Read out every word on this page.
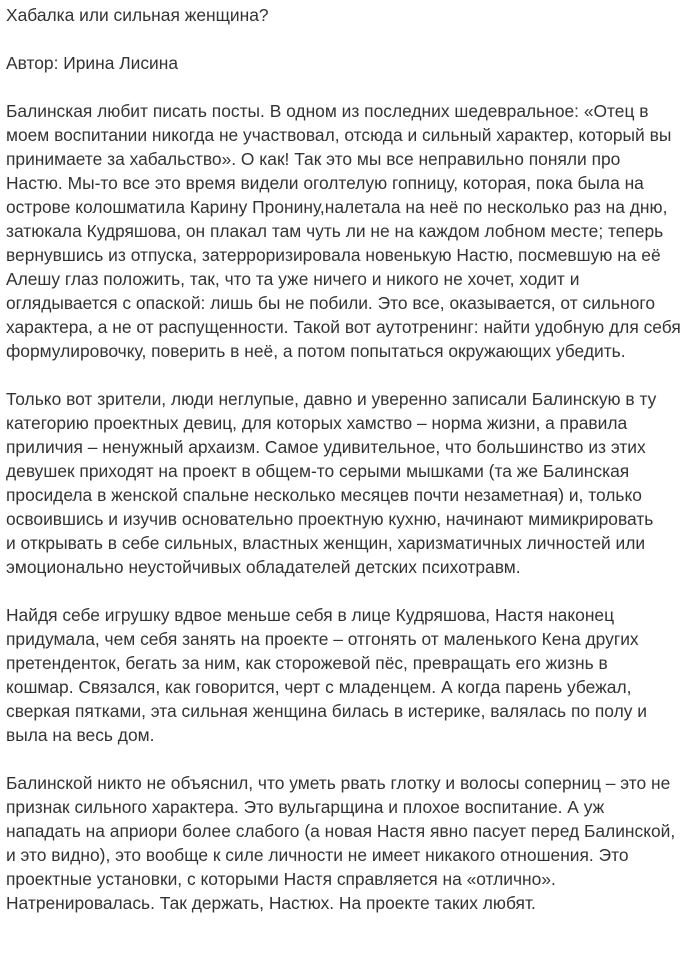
Хабалка или сильная женщина?

Автор: Ирина Лисина

Балинская любит писать посты. В одном из последних шедевральное: «Отец в

моем воспитании никогда не участвовал, отсюда и сильный характер, который вы

принимаете за хабальство». О как! Так это мы все неправильно поняли про

Настю. Мы-то все это время видели оголтелую гопницу, которая, пока была на

острове колошматила Карину Пронину,налетала на неё по несколько раз на дню,

затюкала Кудряшова, он плакал там чуть ли не на каждом лобном месте; теперь

вернувшись из отпуска, затерроризировала новенькую Настю, посмевшую на её

Алешу глаз положить, так, что та уже ничего и никого не хочет, ходит и

оглядывается с опаской: лишь бы не побили. Это все, оказывается, от сильного

характера, а не от распущенности. Такой вот аутотренинг: найти удобную для себя

формулировочку, поверить в неё, а потом попытаться окружающих убедить.

Только вот зрители, люди неглупые, давно и уверенно записали Балинскую в ту

категорию проектных девиц, для которых хамство – норма жизни, а правила

приличия – ненужный архаизм. Самое удивительное, что большинство из этих

девушек приходят на проект в общем-то серыми мышками (та же Балинская

просидела в женской спальне несколько месяцев почти незаметная) и, только

освоившись и изучив основательно проектную кухню, начинают мимикрировать

и открывать в себе сильных, властных женщин, харизматичных личностей или

эмоционально неустойчивых обладателей детских психотравм.

Найдя себе игрушку вдвое меньше себя в лице Кудряшова, Настя наконец

придумала, чем себя занять на проекте – отгонять от маленького Кена других

претенденток, бегать за ним, как сторожевой пёс, превращать его жизнь в

кошмар. Связался, как говорится, черт с младенцем. А когда парень убежал,

сверкая пятками, эта сильная женщина билась в истерике, валялась по полу и

выла на весь дом.

Балинской никто не объяснил, что уметь рвать глотку и волосы соперниц – это не

признак сильного характера. Это вульгарщина и плохое воспитание. А уж

нападать на априори более слабого (а новая Настя явно пасует перед Балинской,

и это видно), это вообще к силе личности не имеет никакого отношения. Это

проектные установки, с которыми Настя справляется на «отлично».

Натренировалась. Так держать, Настюх. На проекте таких любят.
